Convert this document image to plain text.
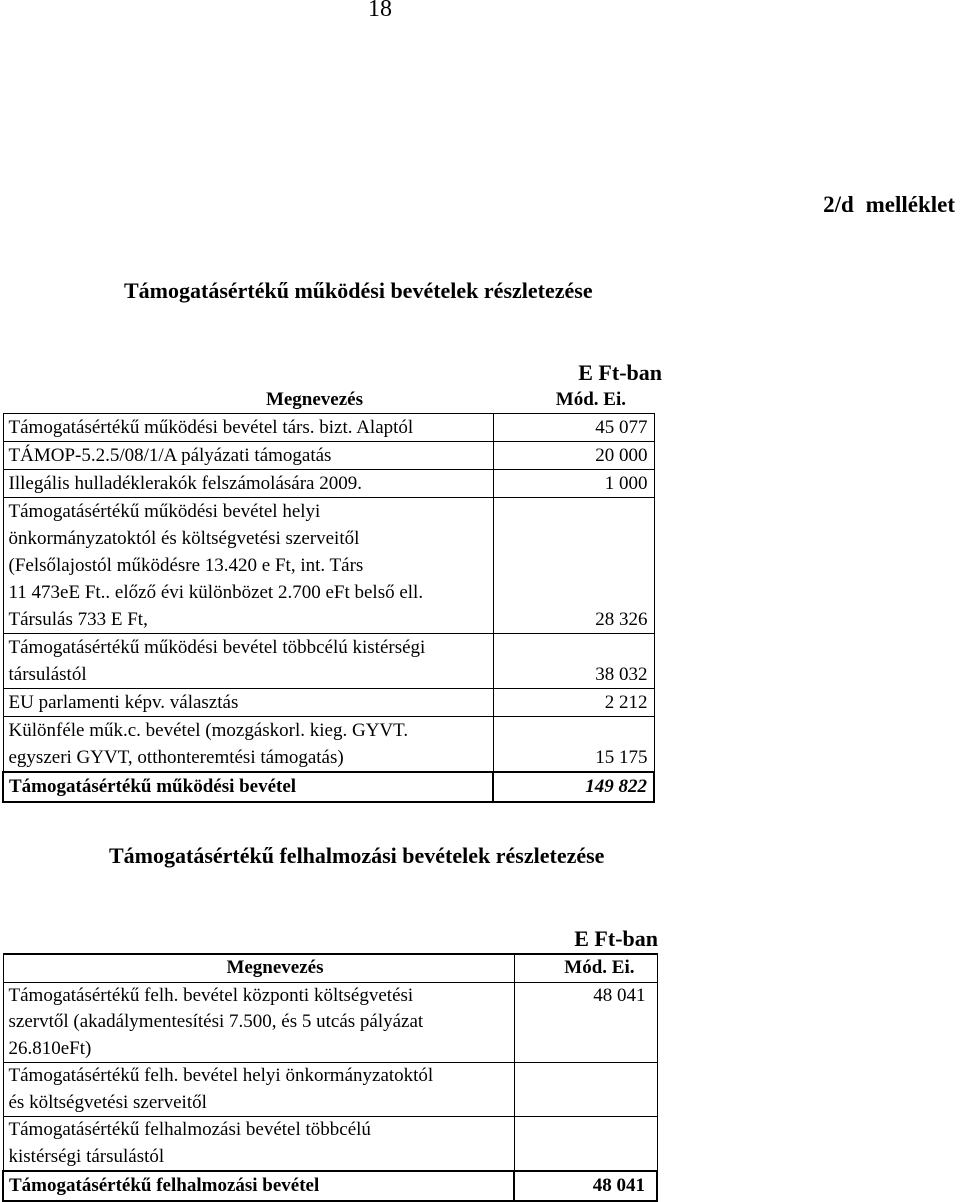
18
2/d melléklet
Támogatásértékű működési bevételek részletezése
E Ft-ban
Megnevezés	Mód. Ei.
Támogatásértékű működési bevétel társ. bizt. Alaptól	45 077
TÁMOP-5.2.5/08/1/A pályázati támogatás	20 000
Illegális hulladéklerakók felszámolására 2009.	1 000
Támogatásértékű működési bevétel helyi
önkormányzatoktól és költségvetési szerveitől
(Felsőlajostól működésre 13.420 e Ft, int. Társ
11 473eE Ft.. előző évi különbözet 2.700 eFt belső ell.
Társulás 733 E Ft,	28 326
Támogatásértékű működési bevétel többcélú kistérségi
társulástól	38 032
EU parlamenti képv. választás	2 212
Különféle műk.c. bevétel (mozgáskorl. kieg. GYVT.
egyszeri GYVT, otthonteremtési támogatás)	15 175
Támogatásértékű működési bevétel	149 822
Támogatásértékű felhalmozási bevételek részletezése
E Ft-ban
Megnevezés	Mód. Ei.
Támogatásértékű felh. bevétel központi költségvetési
szervtől (akadálymentesítési 7.500, és 5 utcás pályázat
26.810eFt)	48 041
Támogatásértékű felh. bevétel helyi önkormányzatoktól
és költségvetési szerveitől	
Támogatásértékű felhalmozási bevétel többcélú
kistérségi társulástól	
Támogatásértékű felhalmozási bevétel	48 041
